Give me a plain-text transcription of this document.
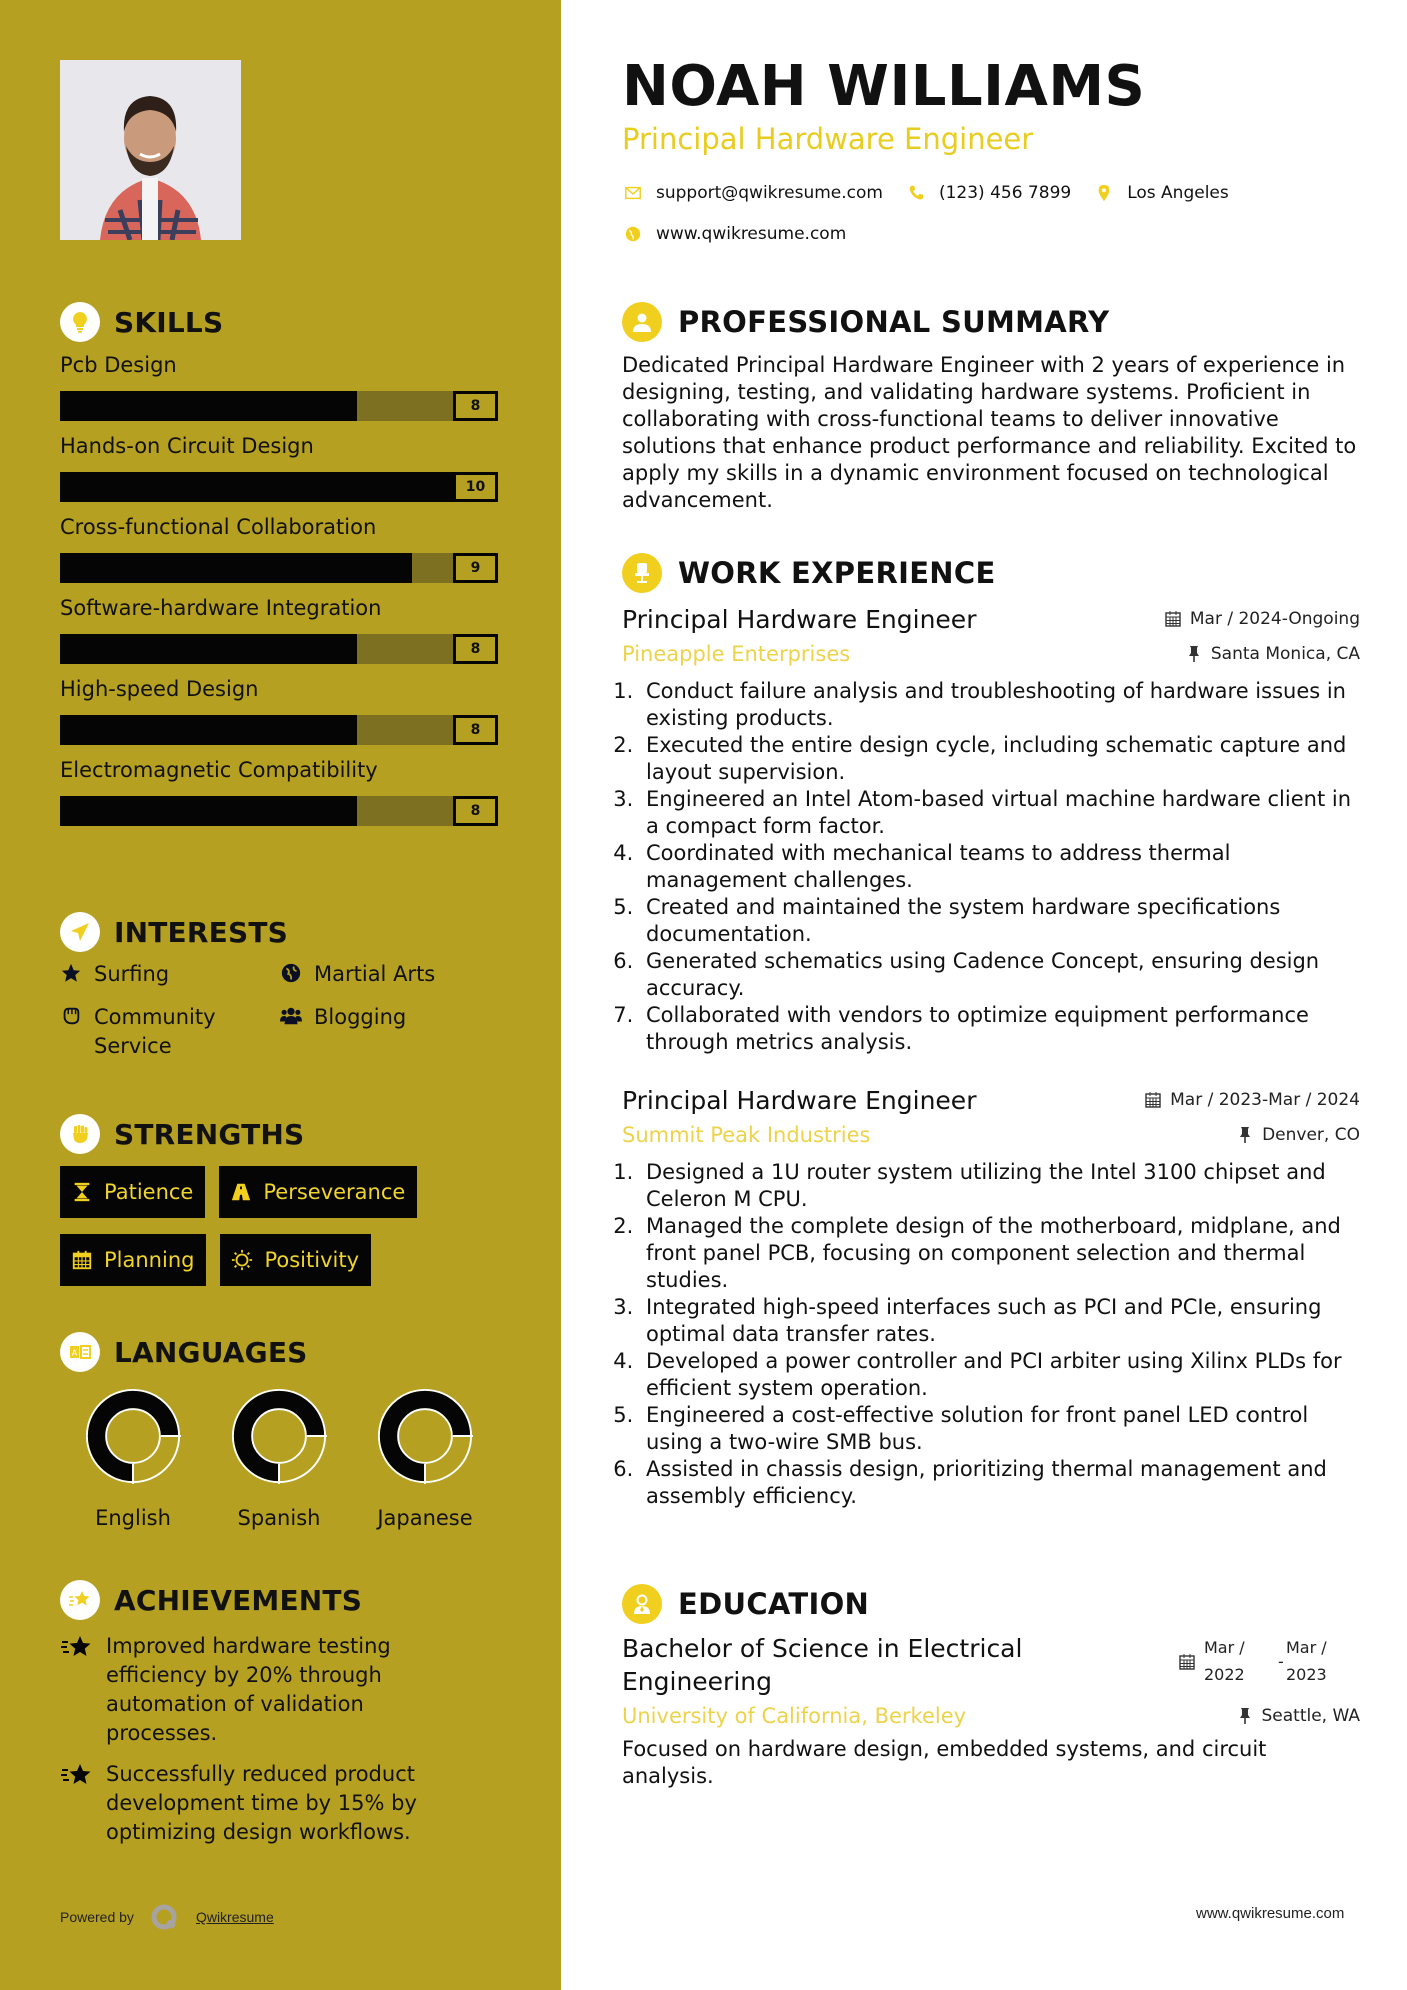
SKILLS
Pcb Design
8
Hands-on Circuit Design
10
Cross-functional Collaboration
9
Software-hardware Integration
8
High-speed Design
8
Electromagnetic Compatibility
8
INTERESTS
Surfing	Martial Arts
Community Service
Blogging
STRENGTHS
Patience	Perseverance
Planning	Positivity
A LANGUAGES
English	Spanish	Japanese
ACHIEVEMENTS
Improved hardware testing efficiency by 20% through automation of validation processes.
Successfully reduced product development time by 15% by optimizing design workflows.
Powered by	Qwikresume
NOAH WILLIAMS
Principal Hardware Engineer
support@qwikresume.com	(123) 456 7899	Los Angeles
www.qwikresume.com
PROFESSIONAL SUMMARY
Dedicated Principal Hardware Engineer with 2 years of experience in designing, testing, and validating hardware systems. Proficient in collaborating with cross-functional teams to deliver innovative solutions that enhance product performance and reliability. Excited to apply my skills in a dynamic environment focused on technological advancement.
WORK EXPERIENCE
Principal Hardware Engineer	Mar / 2024-Ongoing
Pineapple Enterprises	Santa Monica, CA
1. Conduct failure analysis and troubleshooting of hardware issues in existing products.
2. Executed the entire design cycle, including schematic capture and layout supervision.
3. Engineered an Intel Atom-based virtual machine hardware client in a compact form factor.
4. Coordinated with mechanical teams to address thermal management challenges.
5. Created and maintained the system hardware specifications documentation.
6. Generated schematics using Cadence Concept, ensuring design accuracy.
7. Collaborated with vendors to optimize equipment performance through metrics analysis.
Principal Hardware Engineer	Mar / 2023-Mar / 2024
Summit Peak Industries	Denver, CO
1. Designed a 1U router system utilizing the Intel 3100 chipset and Celeron M CPU.
2. Managed the complete design of the motherboard, midplane, and front panel PCB, focusing on component selection and thermal studies.
3. Integrated high-speed interfaces such as PCI and PCIe, ensuring optimal data transfer rates.
4. Developed a power controller and PCI arbiter using Xilinx PLDs for efficient system operation.
5. Engineered a cost-effective solution for front panel LED control using a two-wire SMB bus.
6. Assisted in chassis design, prioritizing thermal management and assembly efficiency.
EDUCATION
Bachelor of Science in Electrical Engineering
Mar / 2022
-
Mar / 2023
University of California, Berkeley	Seattle, WA
Focused on hardware design, embedded systems, and circuit analysis.
www.qwikresume.com
